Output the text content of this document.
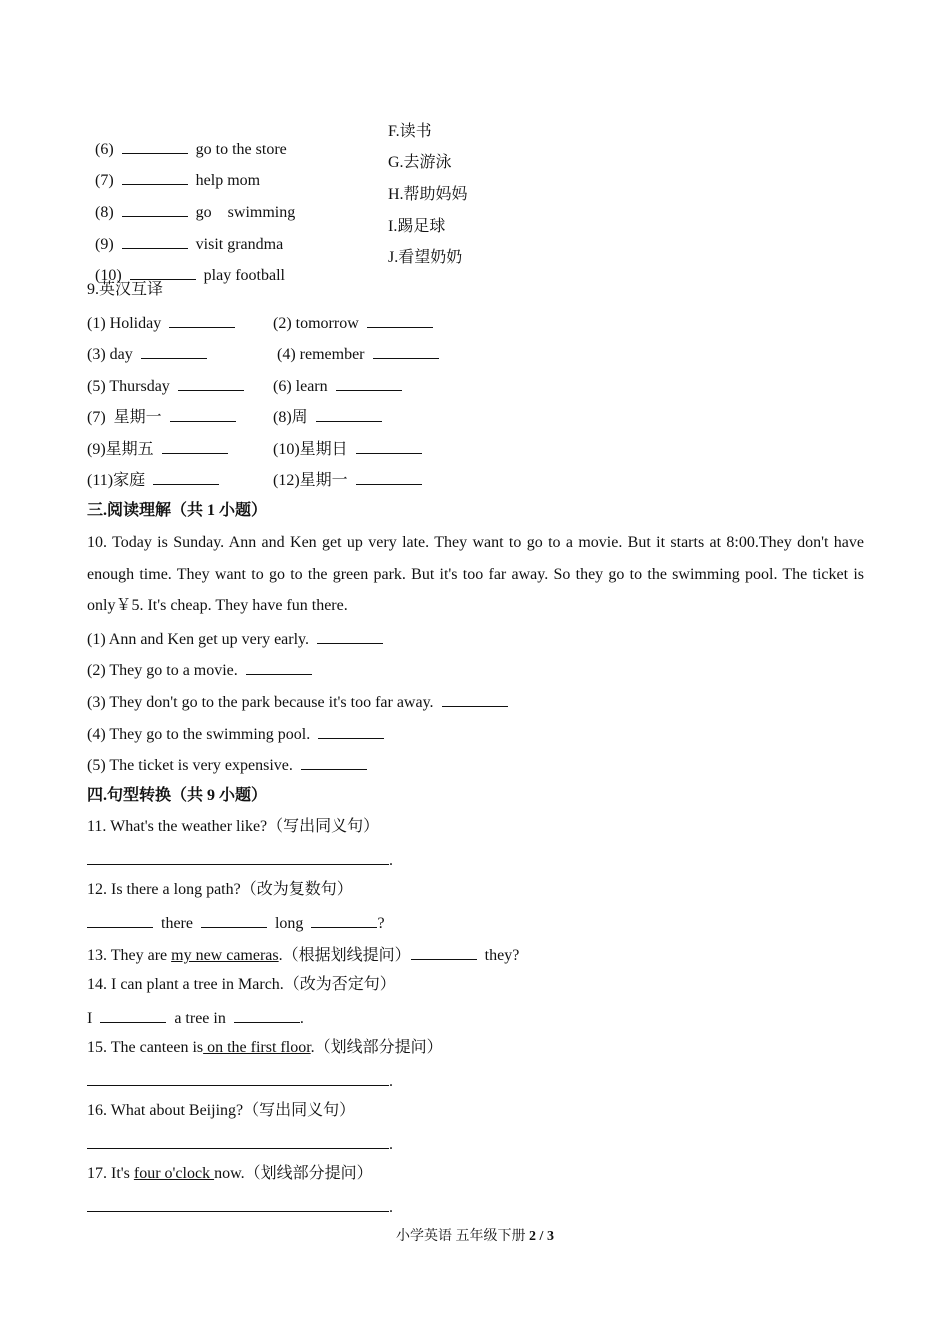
(6)	go to the store

F.读书

(7)	help mom

G.去游泳

(8)	go    swimming

H.帮助妈妈

(9)	visit grandma

I.踢足球

(10)	play football

J.看望奶奶
9.英汉互译
(1) Holiday	(2) tomorrow
(3) day	(4) remember
(5) Thursday	(6) learn
(7)  星期一	(8)周
(9)星期五	(10)星期日
(11)家庭	(12)星期一
三.阅读理解（共 1 小题）
10. Today is Sunday. Ann and Ken get up very late. They want to go to a movie. But it starts at 8:00.They don't have enough time. They want to go to the green park. But it's too far away. So they go to the swimming pool. The ticket is only￥5. It's cheap. They have fun there.
(1) Ann and Ken get up very early.
(2) They go to a movie.
(3) They don't go to the park because it's too far away.
(4) They go to the swimming pool.
(5) The ticket is very expensive.
四.句型转换（共 9 小题）
11. What's the weather like?（写出同义句）
.
12. Is there a long path?（改为复数句）
there	long	?
13. They are my new cameras.（根据划线提问）	they?
14. I can plant a tree in March.（改为否定句）
I	a tree in	.
15. The canteen is on the first floor.（划线部分提问）
.
16. What about Beijing?（写出同义句）
.
17. It's four o'clock now.（划线部分提问）
.
小学英语 五年级下册 2 / 3
